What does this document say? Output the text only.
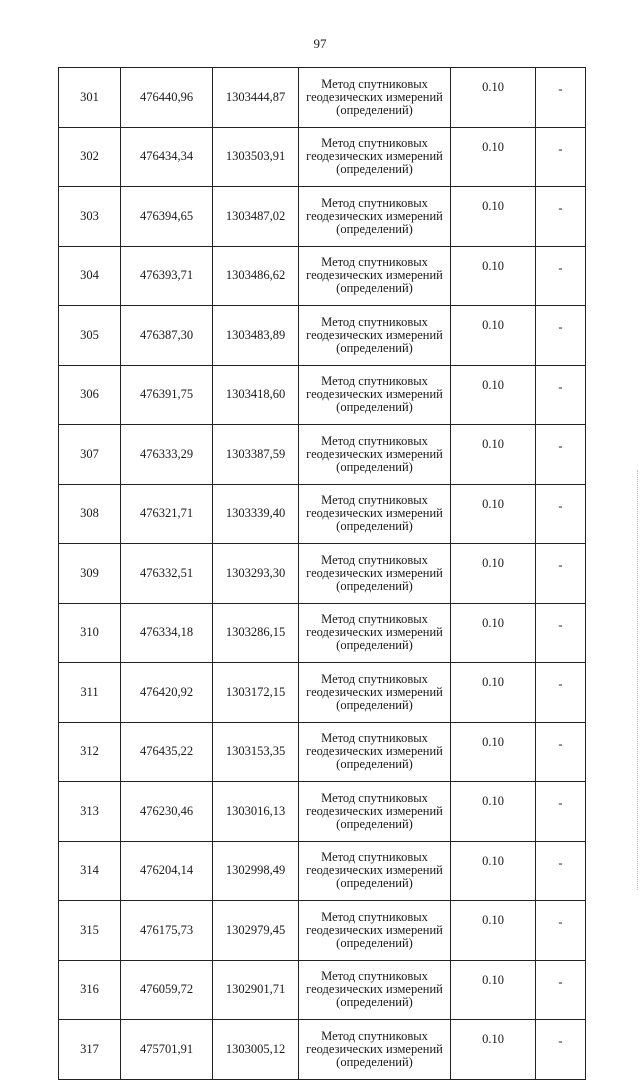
97
301	476440,96	1303444,87	Метод спутниковых
геодезических измерений
(определений)	0.10	-
302	476434,34	1303503,91	Метод спутниковых
геодезических измерений
(определений)	0.10	-
303	476394,65	1303487,02	Метод спутниковых
геодезических измерений
(определений)	0.10	-
304	476393,71	1303486,62	Метод спутниковых
геодезических измерений
(определений)	0.10	-
305	476387,30	1303483,89	Метод спутниковых
геодезических измерений
(определений)	0.10	-
306	476391,75	1303418,60	Метод спутниковых
геодезических измерений
(определений)	0.10	-
307	476333,29	1303387,59	Метод спутниковых
геодезических измерений
(определений)	0.10	-
308	476321,71	1303339,40	Метод спутниковых
геодезических измерений
(определений)	0.10	-
309	476332,51	1303293,30	Метод спутниковых
геодезических измерений
(определений)	0.10	-
310	476334,18	1303286,15	Метод спутниковых
геодезических измерений
(определений)	0.10	-
311	476420,92	1303172,15	Метод спутниковых
геодезических измерений
(определений)	0.10	-
312	476435,22	1303153,35	Метод спутниковых
геодезических измерений
(определений)	0.10	-
313	476230,46	1303016,13	Метод спутниковых
геодезических измерений
(определений)	0.10	-
314	476204,14	1302998,49	Метод спутниковых
геодезических измерений
(определений)	0.10	-
315	476175,73	1302979,45	Метод спутниковых
геодезических измерений
(определений)	0.10	-
316	476059,72	1302901,71	Метод спутниковых
геодезических измерений
(определений)	0.10	-
317	475701,91	1303005,12	Метод спутниковых
геодезических измерений
(определений)	0.10	-
